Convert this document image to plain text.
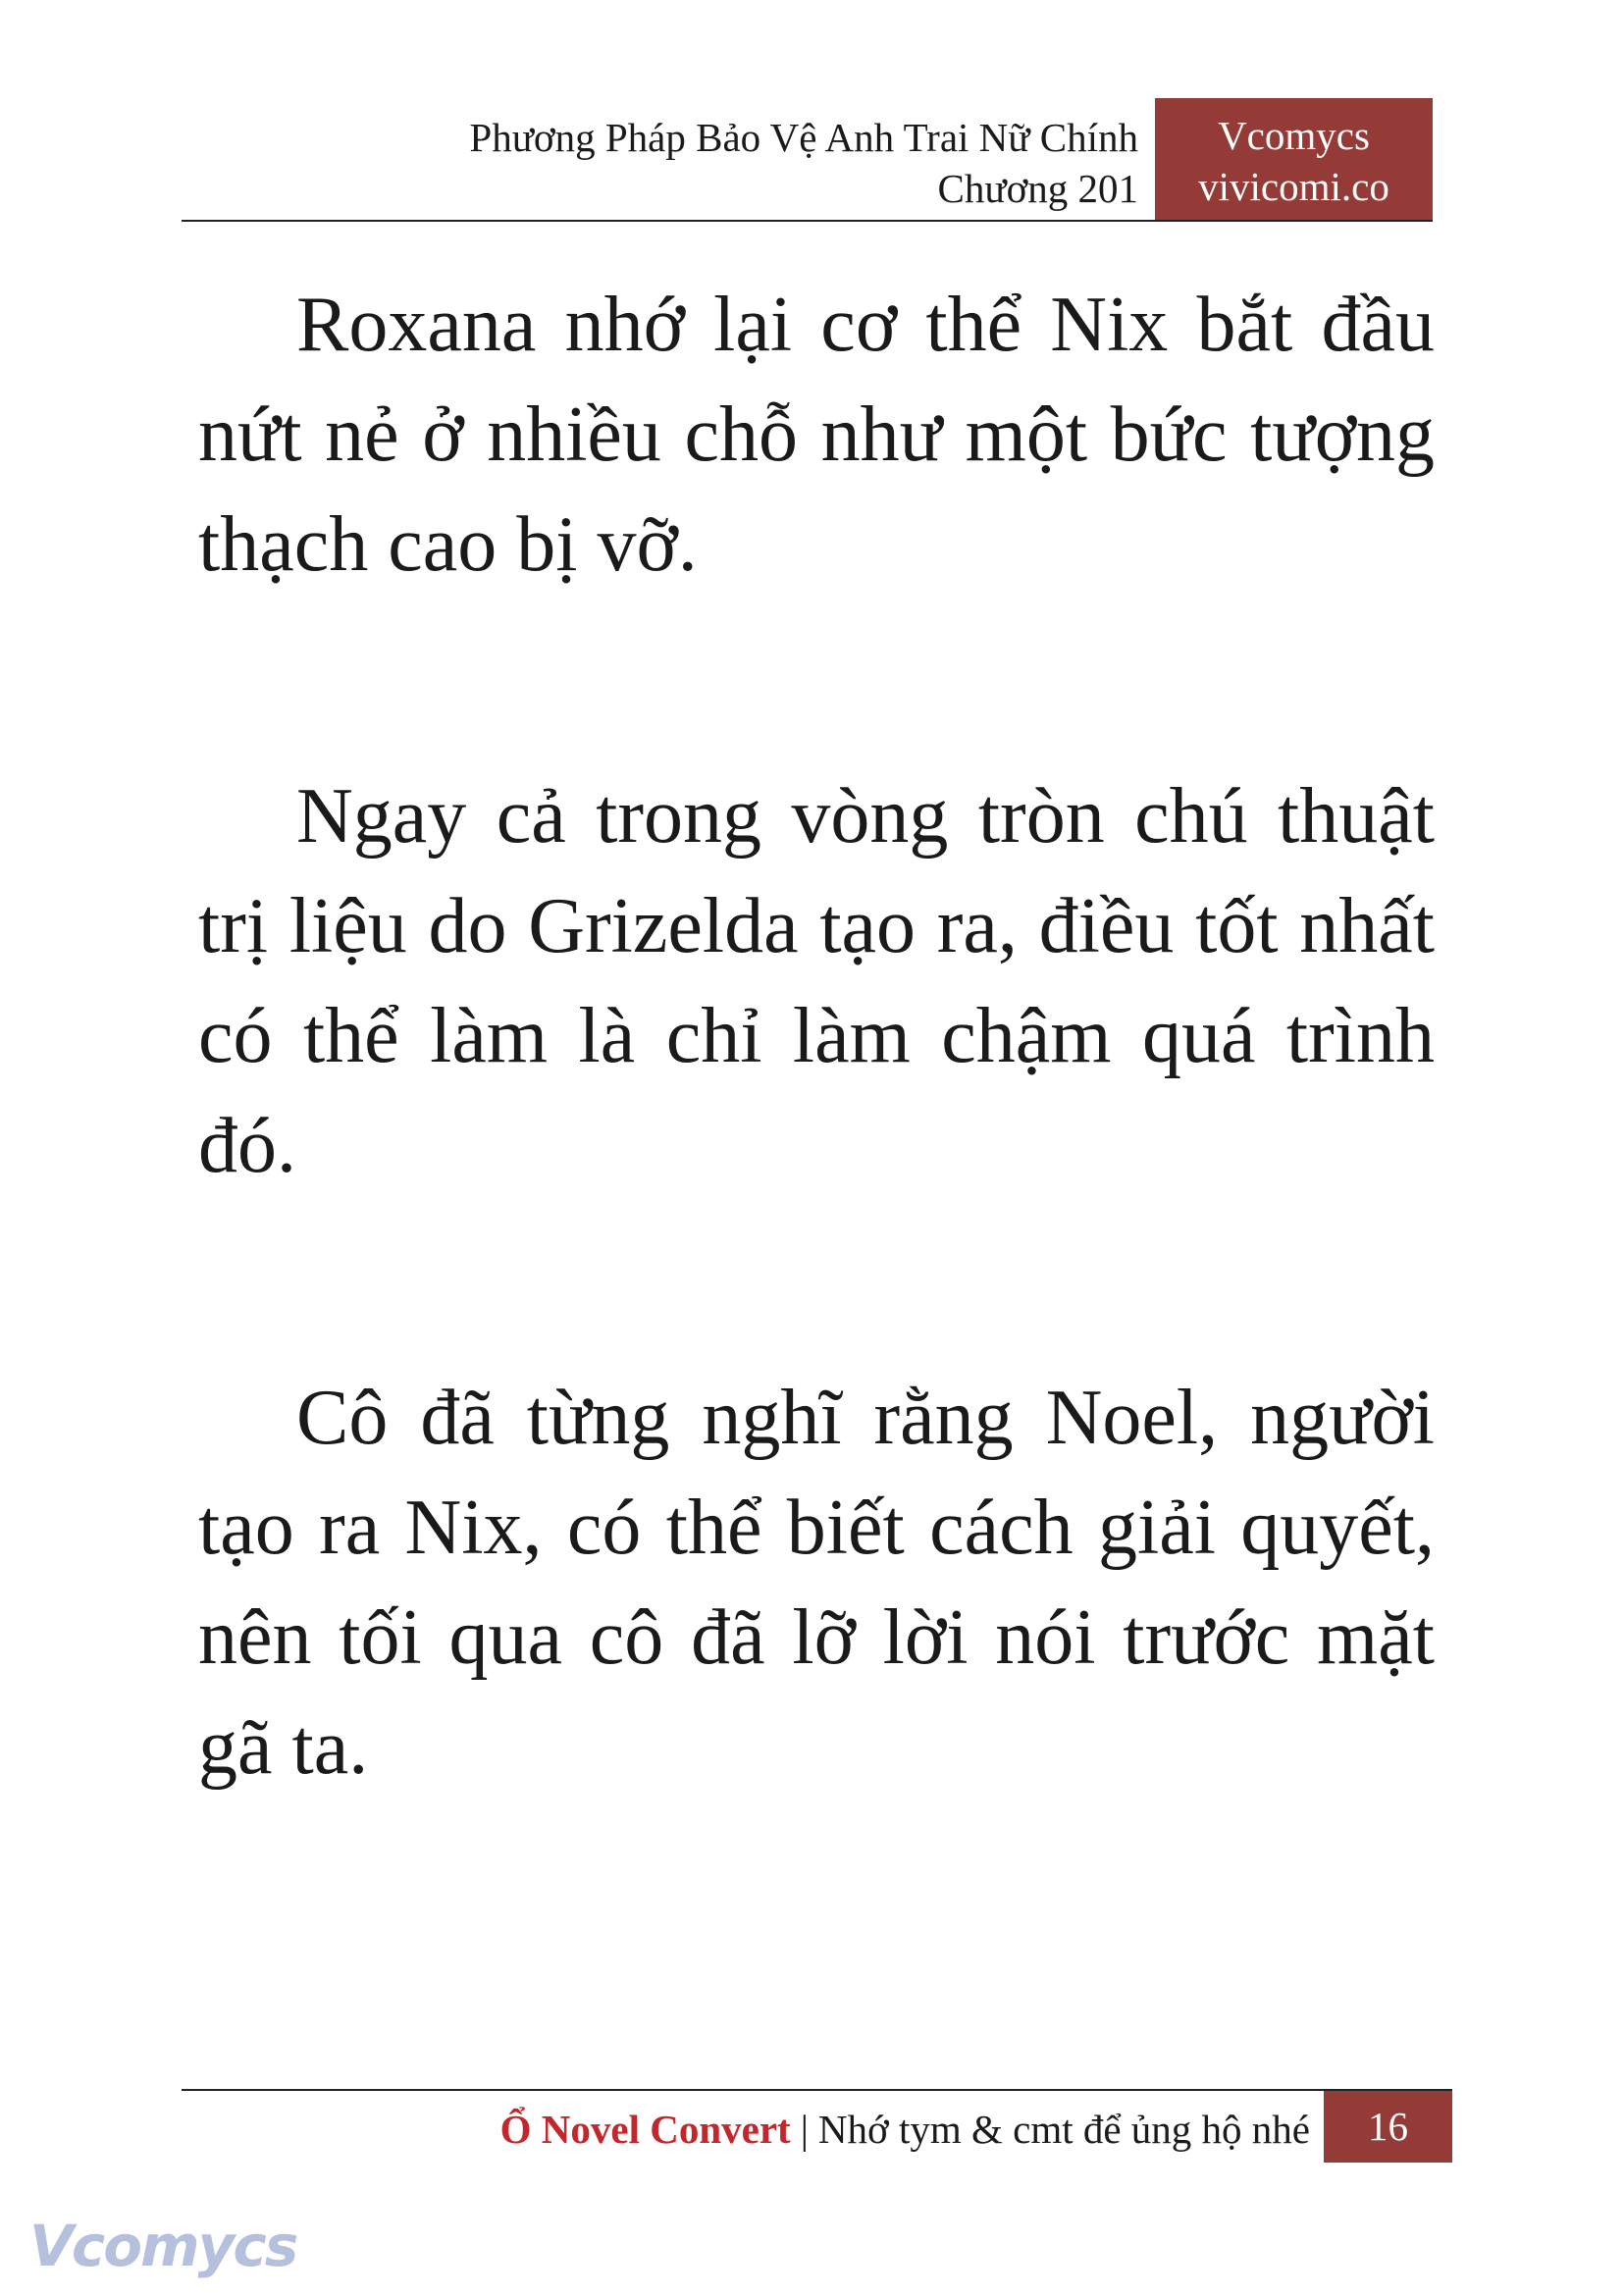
Phương Pháp Bảo Vệ Anh Trai Nữ Chính
Chương 201
Vcomycs
vivicomi.co

Roxana nhớ lại cơ thể Nix bắt đầu nứt nẻ ở nhiều chỗ như một bức tượng thạch cao bị vỡ.

Ngay cả trong vòng tròn chú thuật trị liệu do Grizelda tạo ra, điều tốt nhất có thể làm là chỉ làm chậm quá trình đó.

Cô đã từng nghĩ rằng Noel, người tạo ra Nix, có thể biết cách giải quyết, nên tối qua cô đã lỡ lời nói trước mặt gã ta.

Ổ Novel Convert | Nhớ tym & cmt để ủng hộ nhé	16
Vcomycs
